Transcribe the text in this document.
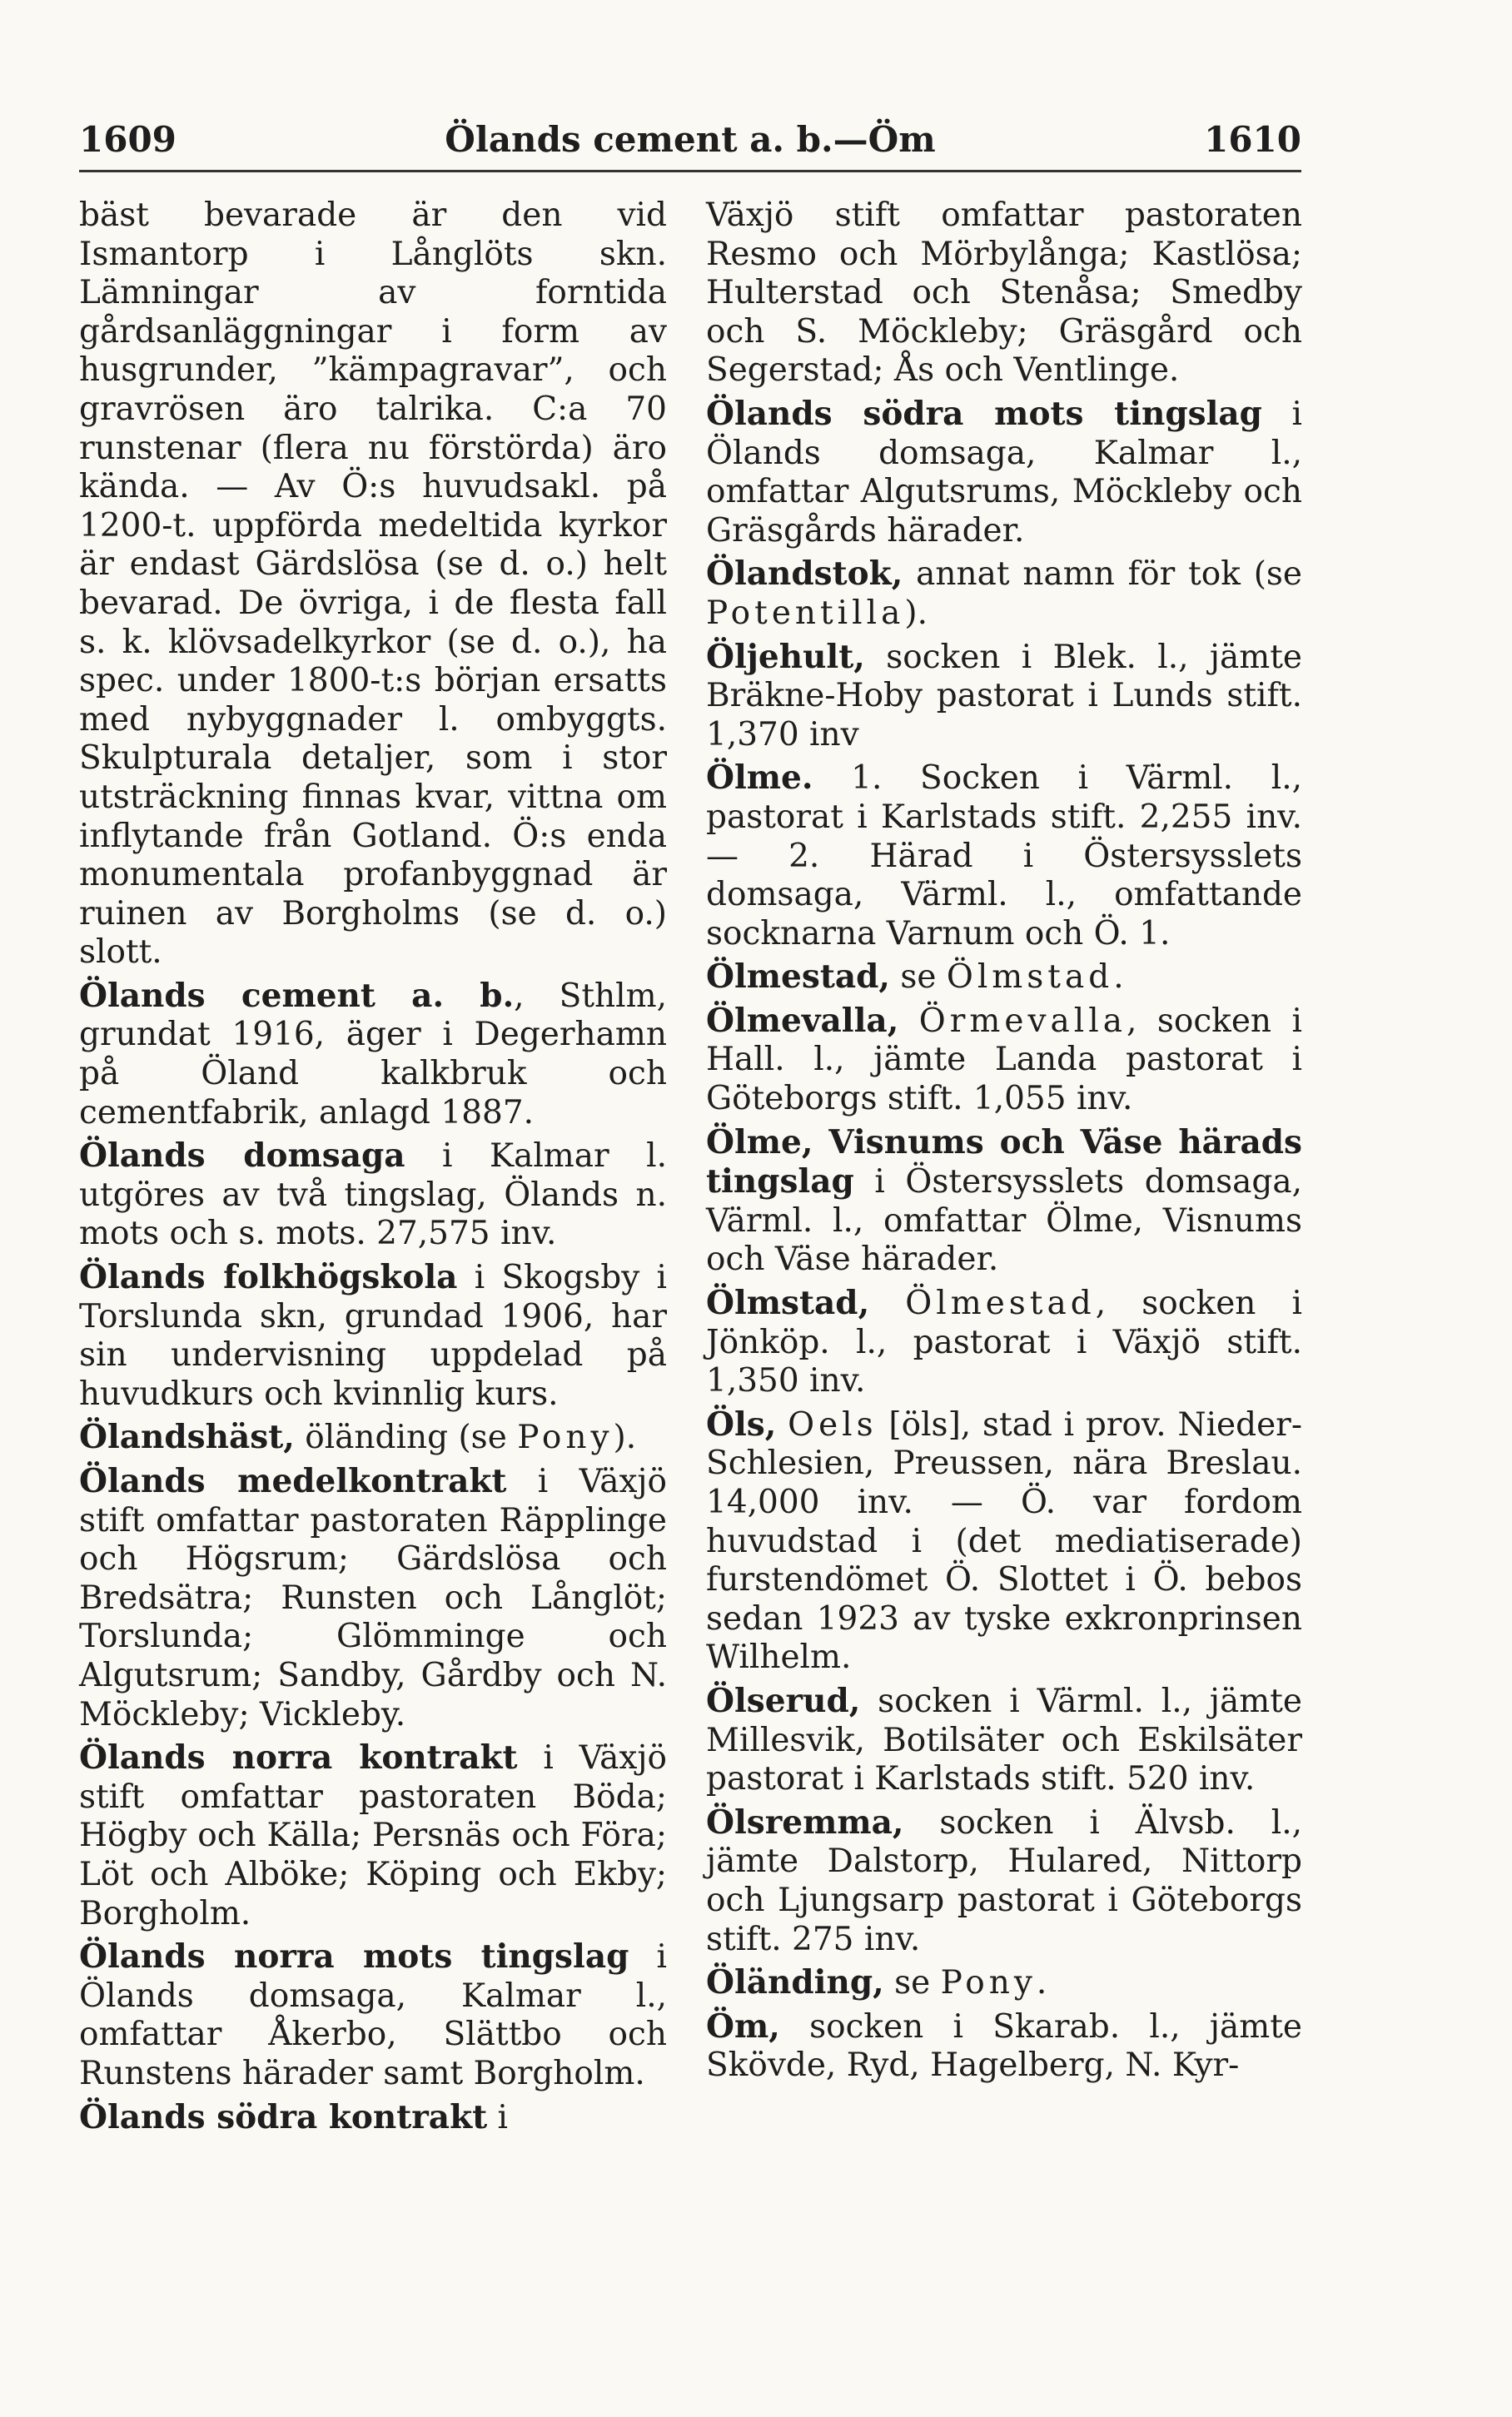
1609	Ölands cement a. b.—Öm	1610

bäst bevarade är den vid Ismantorp i Långlöts skn. Lämningar av forntida gårdsanläggningar i form av husgrunder, ”kämpagravar”, och gravrösen äro talrika. C:a 70 runstenar (flera nu förstörda) äro kända. — Av Ö:s huvudsakl. på 1200-t. uppförda medeltida kyrkor är endast Gärdslösa (se d. o.) helt bevarad. De övriga, i de flesta fall s. k. klövsadelkyrkor (se d. o.), ha spec. under 1800-t:s början ersatts med nybyggnader l. ombyggts. Skulpturala detaljer, som i stor utsträckning finnas kvar, vittna om inflytande från Gotland. Ö:s enda monumentala profanbyggnad är ruinen av Borgholms (se d. o.) slott.

Ölands cement a. b., Sthlm, grundat 1916, äger i Degerhamn på Öland kalkbruk och cementfabrik, anlagd 1887.

Ölands domsaga i Kalmar l. utgöres av två tingslag, Ölands n. mots och s. mots. 27,575 inv.

Ölands folkhögskola i Skogsby i Torslunda skn, grundad 1906, har sin undervisning uppdelad på huvudkurs och kvinnlig kurs.

Ölandshäst, öländing (se Pony).

Ölands medelkontrakt i Växjö stift omfattar pastoraten Räpplinge och Högsrum; Gärdslösa och Bredsätra; Runsten och Långlöt; Torslunda; Glömminge och Algutsrum; Sandby, Gårdby och N. Möckleby; Vickleby.

Ölands norra kontrakt i Växjö stift omfattar pastoraten Böda; Högby och Källa; Persnäs och Föra; Löt och Alböke; Köping och Ekby; Borgholm.

Ölands norra mots tingslag i Ölands domsaga, Kalmar l., omfattar Åkerbo, Slättbo och Runstens härader samt Borgholm.

Ölands södra kontrakt i

Växjö stift omfattar pastoraten Resmo och Mörbylånga; Kastlösa; Hulterstad och Stenåsa; Smedby och S. Möckleby; Gräsgård och Segerstad; Ås och Ventlinge.

Ölands södra mots tingslag i Ölands domsaga, Kalmar l., omfattar Algutsrums, Möckleby och Gräsgårds härader.

Ölandstok, annat namn för tok (se Potentilla).

Öljehult, socken i Blek. l., jämte Bräkne-Hoby pastorat i Lunds stift. 1,370 inv

Ölme. 1. Socken i Värml. l., pastorat i Karlstads stift. 2,255 inv. — 2. Härad i Östersysslets domsaga, Värml. l., omfattande socknarna Varnum och Ö. 1.

Ölmestad, se Ölmstad.

Ölmevalla, Örmevalla, socken i Hall. l., jämte Landa pastorat i Göteborgs stift. 1,055 inv.

Ölme, Visnums och Väse härads tingslag i Östersysslets domsaga, Värml. l., omfattar Ölme, Visnums och Väse härader.

Ölmstad, Ölmestad, socken i Jönköp. l., pastorat i Växjö stift. 1,350 inv.

Öls, Oels [öls], stad i prov. Nieder-Schlesien, Preussen, nära Breslau. 14,000 inv. — Ö. var fordom huvudstad i (det mediatiserade) furstendömet Ö. Slottet i Ö. bebos sedan 1923 av tyske exkronprinsen Wilhelm.

Ölserud, socken i Värml. l., jämte Millesvik, Botilsäter och Eskilsäter pastorat i Karlstads stift. 520 inv.

Ölsremma, socken i Älvsb. l., jämte Dalstorp, Hulared, Nittorp och Ljungsarp pastorat i Göteborgs stift. 275 inv.

Öländing, se Pony.

Öm, socken i Skarab. l., jämte Skövde, Ryd, Hagelberg, N. Kyr-
